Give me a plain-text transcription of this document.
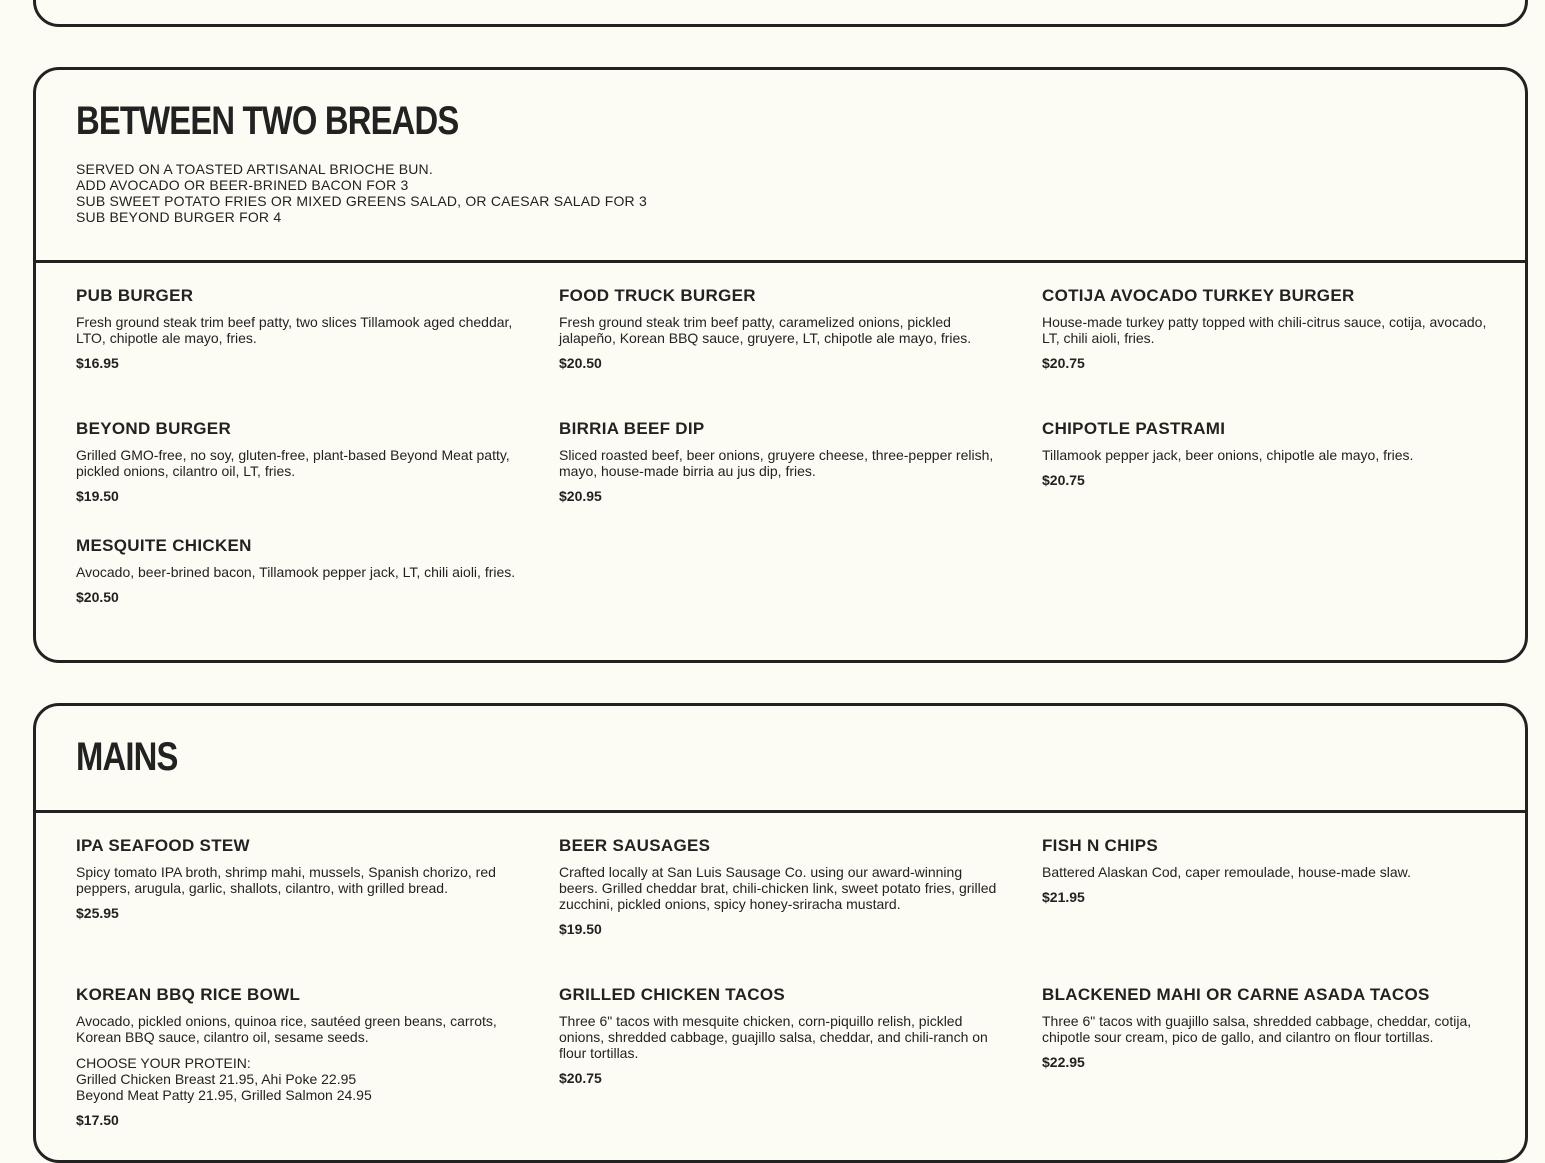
BETWEEN TWO BREADS
SERVED ON A TOASTED ARTISANAL BRIOCHE BUN.
ADD AVOCADO OR BEER-BRINED BACON FOR 3
SUB SWEET POTATO FRIES OR MIXED GREENS SALAD, OR CAESAR SALAD FOR 3
SUB BEYOND BURGER FOR 4
PUB BURGER
Fresh ground steak trim beef patty, two slices Tillamook aged cheddar, LTO, chipotle ale mayo, fries.
$16.95
FOOD TRUCK BURGER
Fresh ground steak trim beef patty, caramelized onions, pickled jalapeño, Korean BBQ sauce, gruyere, LT, chipotle ale mayo, fries.
$20.50
COTIJA AVOCADO TURKEY BURGER
House-made turkey patty topped with chili-citrus sauce, cotija, avocado, LT, chili aioli, fries.
$20.75
BEYOND BURGER
Grilled GMO-free, no soy, gluten-free, plant-based Beyond Meat patty, pickled onions, cilantro oil, LT, fries.
$19.50
BIRRIA BEEF DIP
Sliced roasted beef, beer onions, gruyere cheese, three-pepper relish, mayo, house-made birria au jus dip, fries.
$20.95
CHIPOTLE PASTRAMI
Tillamook pepper jack, beer onions, chipotle ale mayo, fries.
$20.75
MESQUITE CHICKEN
Avocado, beer-brined bacon, Tillamook pepper jack, LT, chili aioli, fries.
$20.50
MAINS
IPA SEAFOOD STEW
Spicy tomato IPA broth, shrimp mahi, mussels, Spanish chorizo, red peppers, arugula, garlic, shallots, cilantro, with grilled bread.
$25.95
BEER SAUSAGES
Crafted locally at San Luis Sausage Co. using our award-winning beers. Grilled cheddar brat, chili-chicken link, sweet potato fries, grilled zucchini, pickled onions, spicy honey-sriracha mustard.
$19.50
FISH N CHIPS
Battered Alaskan Cod, caper remoulade, house-made slaw.
$21.95
KOREAN BBQ RICE BOWL
Avocado, pickled onions, quinoa rice, sautéed green beans, carrots, Korean BBQ sauce, cilantro oil, sesame seeds.
CHOOSE YOUR PROTEIN:
Grilled Chicken Breast 21.95, Ahi Poke 22.95
Beyond Meat Patty 21.95, Grilled Salmon 24.95
$17.50
GRILLED CHICKEN TACOS
Three 6" tacos with mesquite chicken, corn-piquillo relish, pickled onions, shredded cabbage, guajillo salsa, cheddar, and chili-ranch on flour tortillas.
$20.75
BLACKENED MAHI OR CARNE ASADA TACOS
Three 6" tacos with guajillo salsa, shredded cabbage, cheddar, cotija, chipotle sour cream, pico de gallo, and cilantro on flour tortillas.
$22.95
